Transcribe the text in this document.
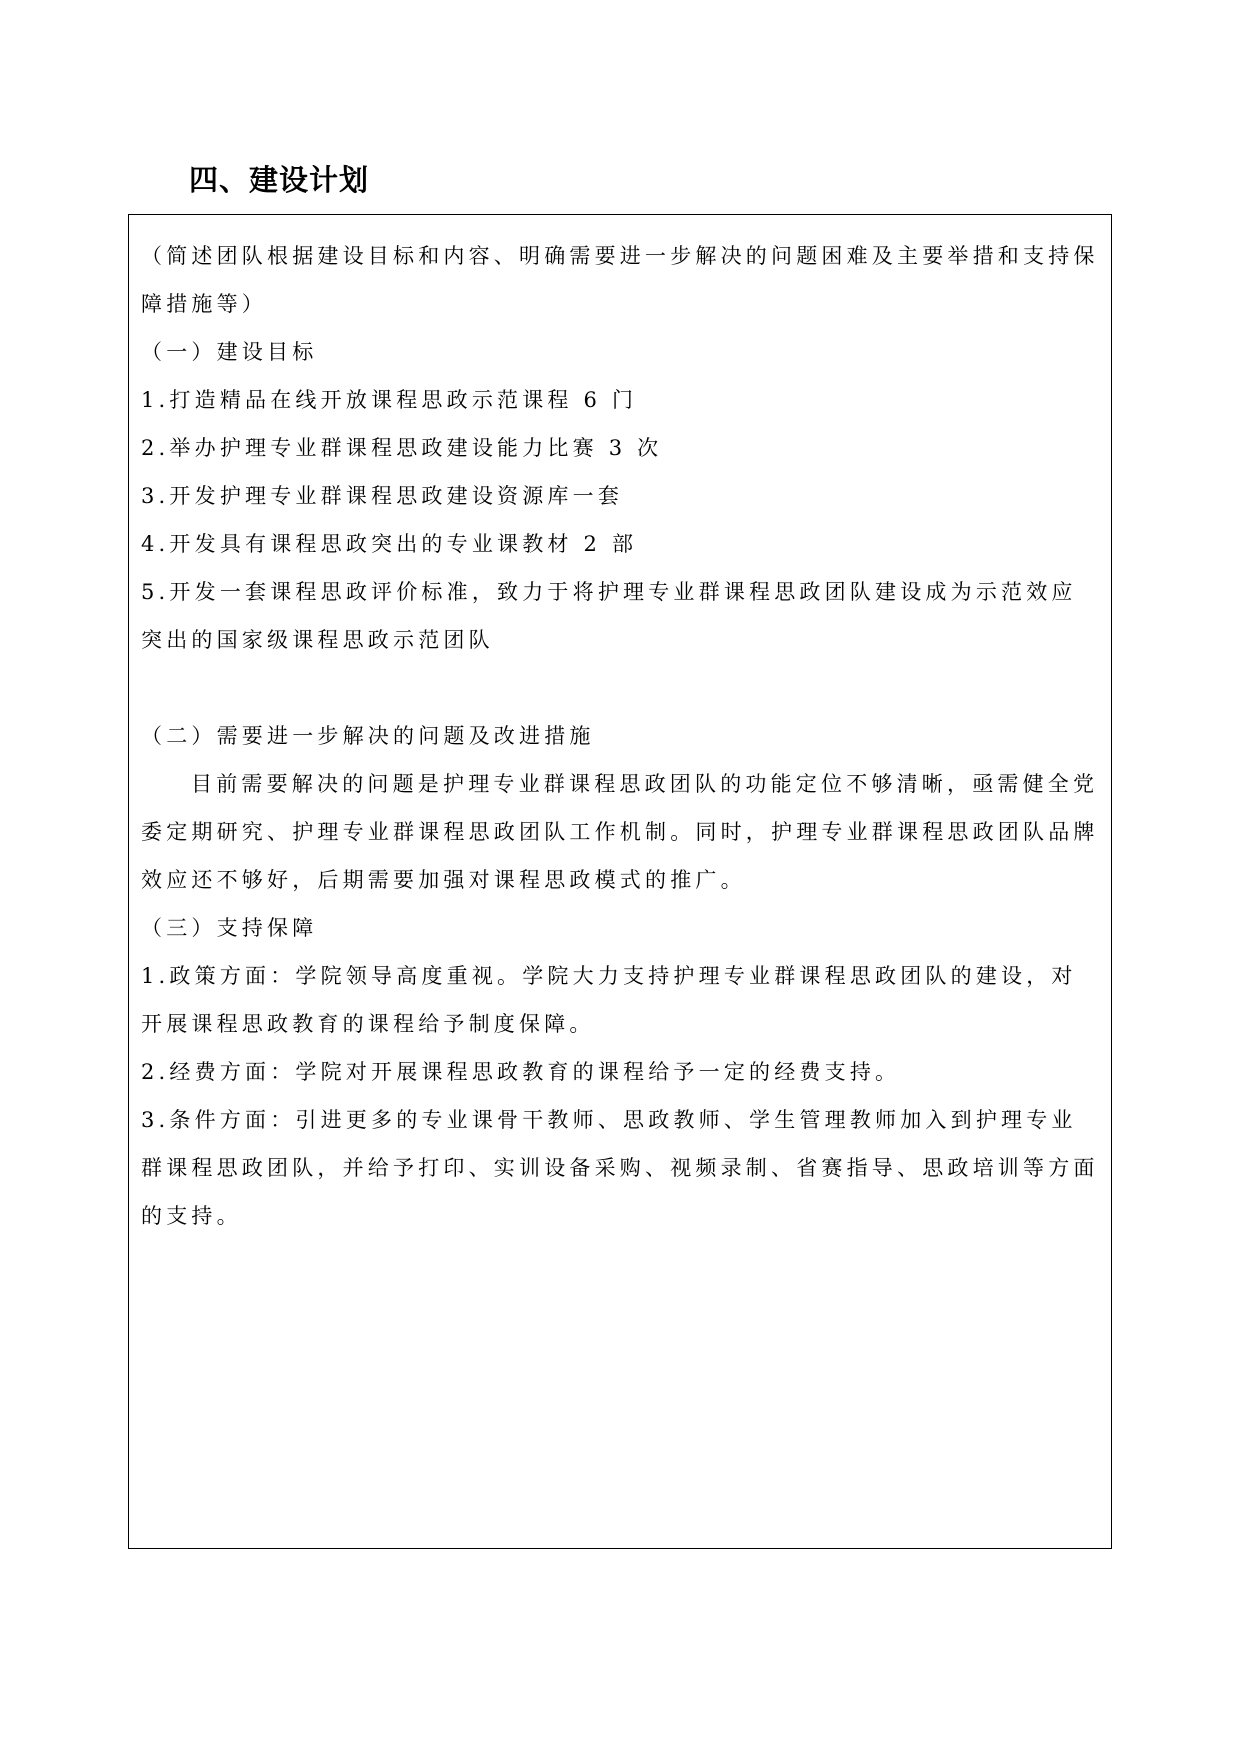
四、建设计划

（简述团队根据建设目标和内容、明确需要进一步解决的问题困难及主要举措和支持保障措施等）

（一）建设目标

1.打造精品在线开放课程思政示范课程 6 门

2.举办护理专业群课程思政建设能力比赛 3 次

3.开发护理专业群课程思政建设资源库一套

4.开发具有课程思政突出的专业课教材 2 部

5.开发一套课程思政评价标准，致力于将护理专业群课程思政团队建设成为示范效应突出的国家级课程思政示范团队

（二）需要进一步解决的问题及改进措施

目前需要解决的问题是护理专业群课程思政团队的功能定位不够清晰，亟需健全党委定期研究、护理专业群课程思政团队工作机制。同时，护理专业群课程思政团队品牌效应还不够好，后期需要加强对课程思政模式的推广。

（三）支持保障

1.政策方面：学院领导高度重视。学院大力支持护理专业群课程思政团队的建设，对开展课程思政教育的课程给予制度保障。

2.经费方面：学院对开展课程思政教育的课程给予一定的经费支持。

3.条件方面：引进更多的专业课骨干教师、思政教师、学生管理教师加入到护理专业群课程思政团队，并给予打印、实训设备采购、视频录制、省赛指导、思政培训等方面的支持。
